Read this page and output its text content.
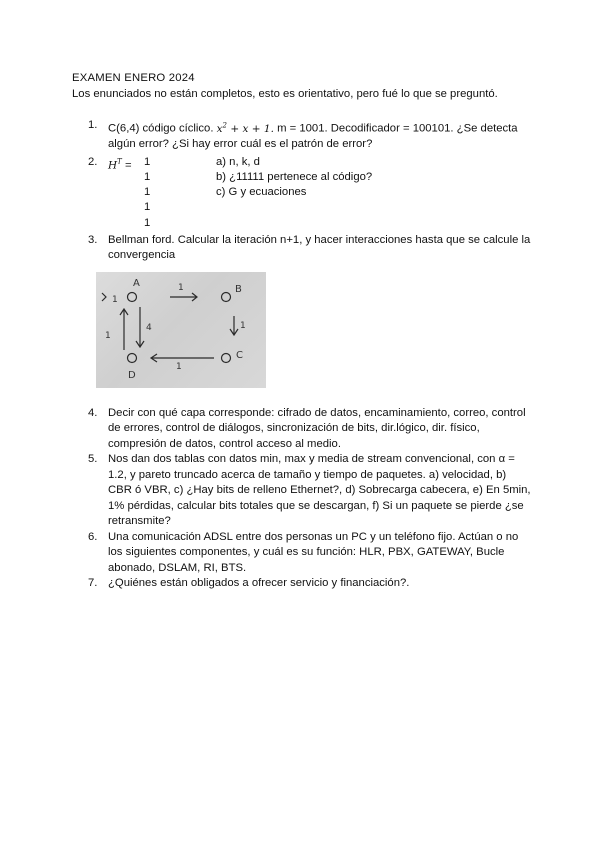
EXAMEN ENERO 2024
Los enunciados no están completos, esto es orientativo, pero fué lo que se preguntó.
1. C(6,4) código cíclico. $x^2 + x + 1$. m = 1001. Decodificador = 100101. ¿Se detecta algún error? ¿Si hay error cuál es el patrón de error?
2. $H^T = 1$
1
1
1
1
a) n, k, d
b) ¿11111 pertenece al código?
c) G y ecuaciones
3. Bellman ford. Calcular la iteración n+1, y hacer interacciones hasta que se calcule la convergencia
A
B
C
D
1
4	1
1
1
1
4. Decir con qué capa corresponde: cifrado de datos, encaminamiento, correo, control de errores, control de diálogos, sincronización de bits, dir.lógico, dir. físico, compresión de datos, control acceso al medio.
5. Nos dan dos tablas con datos min, max y media de stream convencional, con α = 1.2, y pareto truncado acerca de tamaño y tiempo de paquetes. a) velocidad, b) CBR ó VBR, c) ¿Hay bits de relleno Ethernet?, d) Sobrecarga cabecera, e) En 5min, 1% pérdidas, calcular bits totales que se descargan, f) Si un paquete se pierde ¿se retransmite?
6. Una comunicación ADSL entre dos personas un PC y un teléfono fijo. Actúan o no los siguientes componentes, y cuál es su función: HLR, PBX, GATEWAY, Bucle abonado, DSLAM, RI, BTS.
7. ¿Quiénes están obligados a ofrecer servicio y financiación?.
